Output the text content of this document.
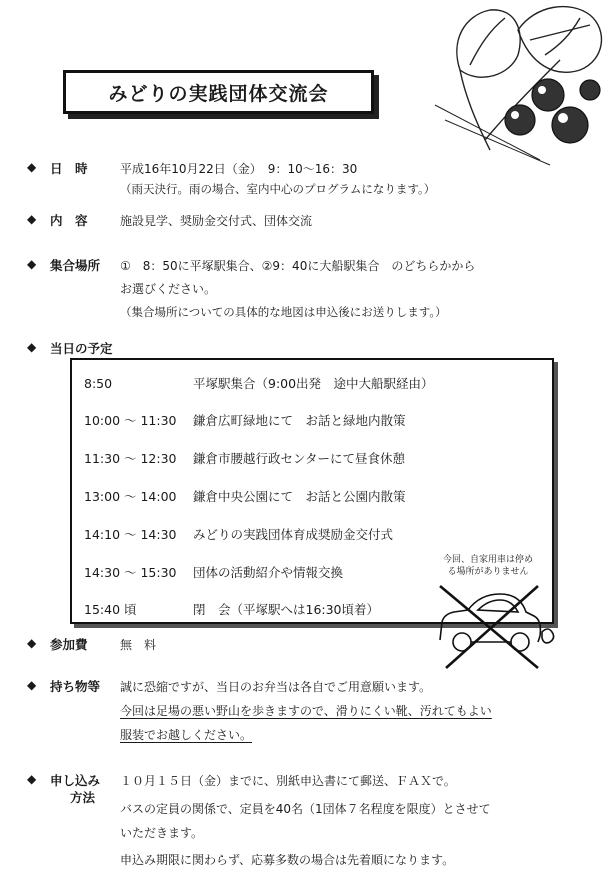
みどりの実践団体交流会
◆ 日　時	平成16年10月22日（金）　9：10〜16：30
（雨天決行。雨の場合、室内中心のプログラムになります。）
◆ 内　容	施設見学、奨励金交付式、団体交流
◆ 集合場所 ①　8：50に平塚駅集合、②9：40に大船駅集合　のどちらかから
お選びください。
（集合場所についての具体的な地図は申込後にお送りします。）
◆ 当日の予定
8:50	平塚駅集合（9:00出発　途中大船駅経由）
10:00 〜 11:30 鎌倉広町緑地にて　お話と緑地内散策
11:30 〜 12:30 鎌倉市腰越行政センターにて昼食休憩
13:00 〜 14:00 鎌倉中央公園にて　お話と公園内散策
14:10 〜 14:30 みどりの実践団体育成奨励金交付式
14:30 〜 15:30 団体の活動紹介や情報交換
15:40 頃	閉　会（平塚駅へは16:30頃着）
今回、自家用車は停め
る場所がありません
◆ 参加費	無　料
◆ 持ち物等 誠に恐縮ですが、当日のお弁当は各自でご用意願います。
今回は足場の悪い野山を歩きますので、滑りにくい靴、汚れてもよい
服装でお越しください。
◆ 申し込み
方法
１０月１５日（金）までに、別紙申込書にて郵送、ＦＡＸで。
バスの定員の関係で、定員を40名（1団体７名程度を限度）とさせて
いただきます。
申込み期限に関わらず、応募多数の場合は先着順になります。
